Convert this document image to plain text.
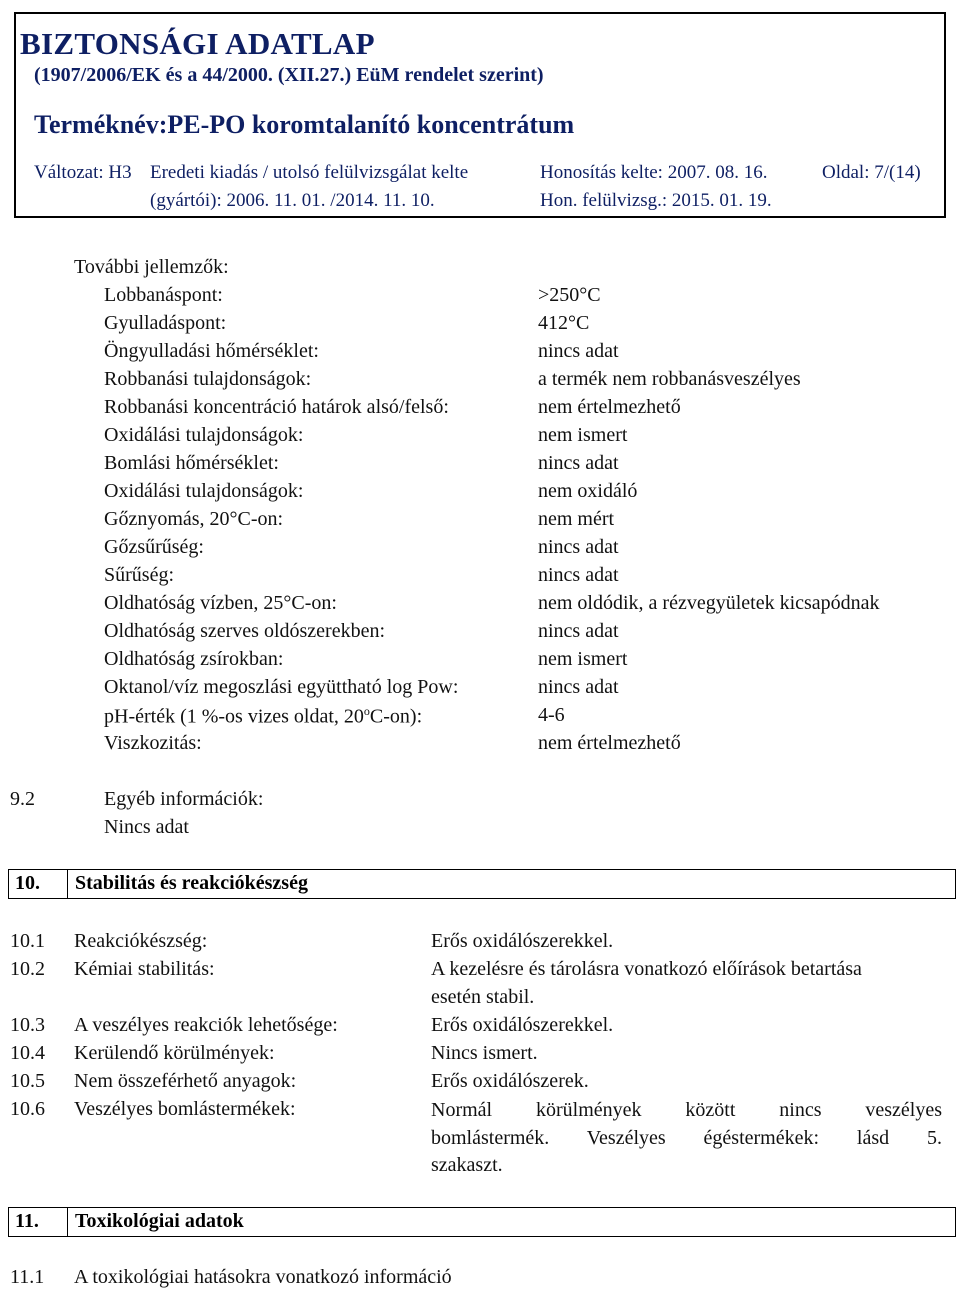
BIZTONSÁGI ADATLAP
(1907/2006/EK és a 44/2000. (XII.27.) EüM rendelet szerint)
Terméknév:PE-PO koromtalanító koncentrátum
Változat: H3 Eredeti kiadás / utolsó felülvizsgálat kelte
(gyártói): 2006. 11. 01. /2014. 11. 10.
Honosítás kelte: 2007. 08. 16.
Hon. felülvizsg.: 2015. 01. 19.
Oldal: 7/(14)
További jellemzők:
Lobbanáspont:	>250°C
Gyulladáspont:	412°C
Öngyulladási hőmérséklet:	nincs adat
Robbanási tulajdonságok:	a termék nem robbanásveszélyes
Robbanási koncentráció határok alsó/felső:	nem értelmezhető
Oxidálási tulajdonságok:	nem ismert
Bomlási hőmérséklet:	nincs adat
Oxidálási tulajdonságok:	nem oxidáló
Gőznyomás, 20°C-on:	nem mért
Gőzsűrűség:	nincs adat
Sűrűség:	nincs adat
Oldhatóság vízben, 25°C-on:	nem oldódik, a rézvegyületek kicsapódnak
Oldhatóság szerves oldószerekben:	nincs adat
Oldhatóság zsírokban:	nem ismert
Oktanol/víz megoszlási együttható log Pow:	nincs adat
pH-érték (1 %-os vizes oldat, 20$^o$C-on):	4-6
Viszkozitás:	nem értelmezhető
9.2	Egyéb információk:
Nincs adat
10. Stabilitás és reakciókészség
10.1 Reakciókészség:	Erős oxidálószerekkel.
10.2 Kémiai stabilitás:	A kezelésre és tárolásra vonatkozó előírások betartása
esetén stabil.
10.3 A veszélyes reakciók lehetősége:	Erős oxidálószerekkel.
10.4 Kerülendő körülmények:	Nincs ismert.
10.5 Nem összeférhető anyagok:	Erős oxidálószerek.
10.6 Veszélyes bomlástermékek:	Normál körülmények között nincs veszélyes
bomlástermék. Veszélyes égéstermékek: lásd 5.
szakaszt.
11. Toxikológiai adatok
11.1 A toxikológiai hatásokra vonatkozó információ
